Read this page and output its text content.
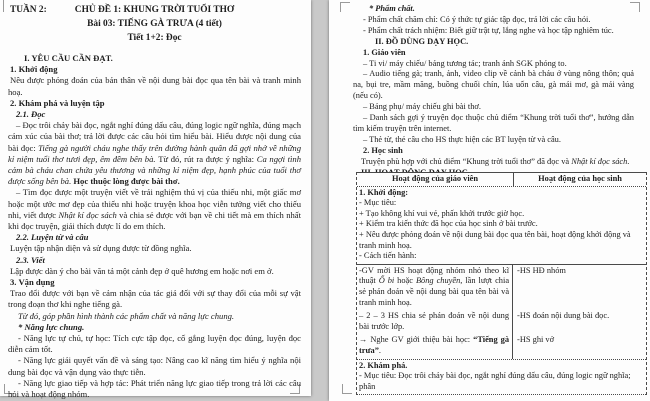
TUẦN 2:	CHỦ ĐỀ 1: KHUNG TRỜI TUỔI THƠ
Bài 03: TIẾNG GÀ TRƯA (4 tiết)
Tiết 1+2: Đọc

I. YÊU CẦU CẦN ĐẠT.

1. Khởi động

Nêu được phỏng đoán của bản thân về nội dung bài đọc qua tên bài và tranh minh hoạ.

2. Khám phá và luyện tập

2.1. Đọc

– Đọc trôi chảy bài đọc, ngắt nghỉ đúng dấu câu, đúng logic ngữ nghĩa, đúng mạch cảm xúc của bài thơ; trả lời được các câu hỏi tìm hiểu bài. Hiểu được nội dung của bài đọc: Tiếng gà người cháu nghe thấy trên đường hành quân đã gợi nhớ về những kỉ niệm tuổi thơ tươi đẹp, êm đềm bên bà. Từ đó, rút ra được ý nghĩa: Ca ngợi tình cảm bà cháu chan chứa yêu thương và những kỉ niệm đẹp, hạnh phúc của tuổi thơ được sống bên bà. Học thuộc lòng được bài thơ.

– Tìm đọc được một truyện viết về trải nghiệm thú vị của thiếu nhi, một giấc mơ hoặc một ước mơ đẹp của thiếu nhi hoặc truyện khoa học viễn tưởng viết cho thiếu nhi, viết được Nhật kí đọc sách và chia sẻ được với bạn về chi tiết mà em thích nhất khi đọc truyện, giải thích được lí do em thích.

2.2. Luyện từ và câu

Luyện tập nhận diện và sử dụng được từ đồng nghĩa.

2.3. Viết

Lập được dàn ý cho bài văn tả một cảnh đẹp ở quê hương em hoặc nơi em ở.

3. Vận dụng

Trao đổi được với bạn về cảm nhận của tác giả đối với sự thay đổi của mỗi sự vật trong đoạn thơ khi nghe tiếng gà.

Từ đó, góp phần hình thành các phẩm chất và năng lực chung.

* Năng lực chung.

- Năng lực tự chủ, tự học: Tích cực tập đọc, cố gắng luyện đọc đúng, luyện đọc diễn cảm tốt.

- Năng lực giải quyết vấn đề và sáng tạo: Nâng cao kĩ năng tìm hiểu ý nghĩa nội dung bài đọc và vận dụng vào thực tiễn.

- Năng lực giao tiếp và hợp tác: Phát triển năng lực giao tiếp trong trả lời các câu hỏi và hoạt động nhóm.

* Phẩm chất.

- Phẩm chất chăm chỉ: Có ý thức tự giác tập đọc, trả lời các câu hỏi.

- Phẩm chất trách nhiệm: Biết giữ trật tự, lắng nghe và học tập nghiêm túc.

II. ĐỒ DÙNG DẠY HỌC.

1. Giáo viên

– Ti vi/ máy chiếu/ bảng tương tác; tranh ảnh SGK phóng to.

– Audio tiếng gà; tranh, ảnh, video clip về cảnh bà cháu ở vùng nông thôn; quả na, bụi tre, mầm măng, buồng chuối chín, lúa uốn câu, gà mái mơ, gà mái vàng (nếu có).

– Bảng phụ/ máy chiếu ghi bài thơ.

– Danh sách gợi ý truyện đọc thuộc chủ điểm “Khung trời tuổi thơ”, hướng dẫn tìm kiếm truyện trên internet.

– Thẻ từ, thẻ câu cho HS thực hiện các BT luyện từ và câu.

2. Học sinh

Truyện phù hợp với chủ điểm “Khung trời tuổi thơ” đã đọc và Nhật kí đọc sách.

Hoạt động của giáo viên	Hoạt động của học sinh

1. Khởi động:

- Mục tiêu:

+ Tạo không khí vui vẻ, phấn khởi trước giờ học.

+ Kiểm tra kiến thức đã học của học sinh ở bài trước.

+ Nêu được phỏng đoán về nội dung bài đọc qua tên bài, hoạt động khởi động và tranh minh hoạ.

- Cách tiến hành:

-GV mời HS hoạt động nhóm nhỏ theo kĩ thuật Ổ bi hoặc Bông chuyền, lần lượt chia sẻ phán đoán về nội dung bài qua tên bài và tranh minh hoạ.
-HS HĐ nhóm
– 2 – 3 HS chia sẻ phán đoán về nội dung bài trước lớp.
-HS đoán nội dung bài đọc.
→ Nghe GV giới thiệu bài học: “Tiếng gà trưa”.
-HS ghi vở

2. Khám phá.

- Mục tiêu: Đọc trôi chảy bài đọc, ngắt nghỉ đúng dấu câu, đúng logic ngữ nghĩa; phân
